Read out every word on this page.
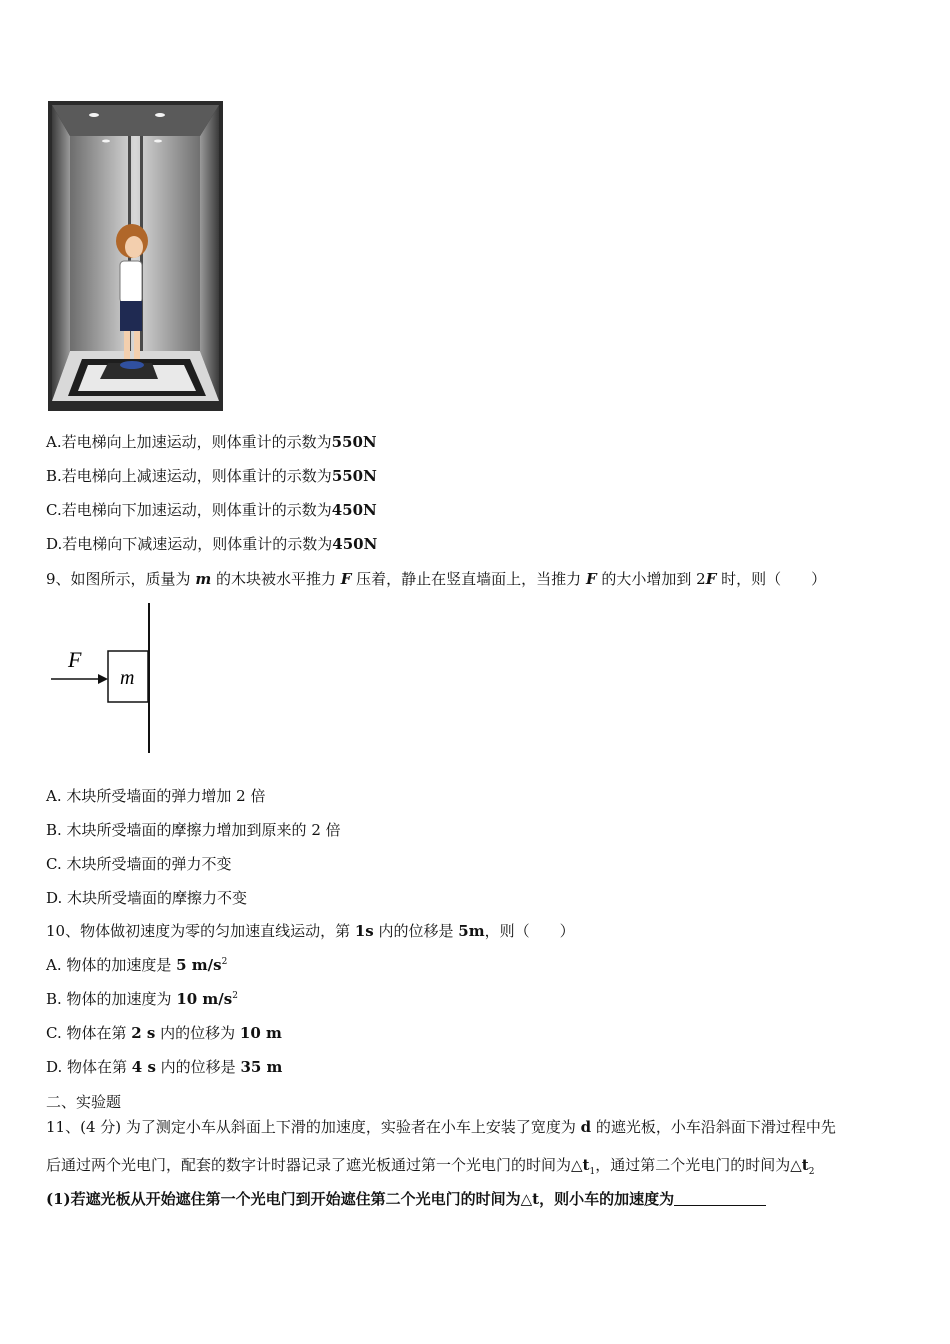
A.若电梯向上加速运动，则体重计的示数为550N
B.若电梯向上减速运动，则体重计的示数为550N
C.若电梯向下加速运动，则体重计的示数为450N
D.若电梯向下减速运动，则体重计的示数为450N
9、如图所示，质量为 m 的木块被水平推力 F 压着，静止在竖直墙面上，当推力 F 的大小增加到 2F 时，则（　　）
F
m
A. 木块所受墙面的弹力增加 2 倍
B. 木块所受墙面的摩擦力增加到原来的 2 倍
C. 木块所受墙面的弹力不变
D. 木块所受墙面的摩擦力不变
10、物体做初速度为零的匀加速直线运动，第 1s 内的位移是 5m，则（　　）
A. 物体的加速度是 5 $m/s^2$
B. 物体的加速度为 10 $m/s^2$
C. 物体在第 2 s 内的位移为 10 m
D. 物体在第 4 s 内的位移是 35 m
二、实验题
11、(4 分) 为了测定小车从斜面上下滑的加速度，实验者在小车上安装了宽度为 d 的遮光板，小车沿斜面下滑过程中先
后通过两个光电门，配套的数字计时器记录了遮光板通过第一个光电门的时间为$\triangle t_1$，通过第二个光电门的时间为$\triangle t_2$
(1)若遮光板从开始遮住第一个光电门到开始遮住第二个光电门的时间为△t，则小车的加速度为
